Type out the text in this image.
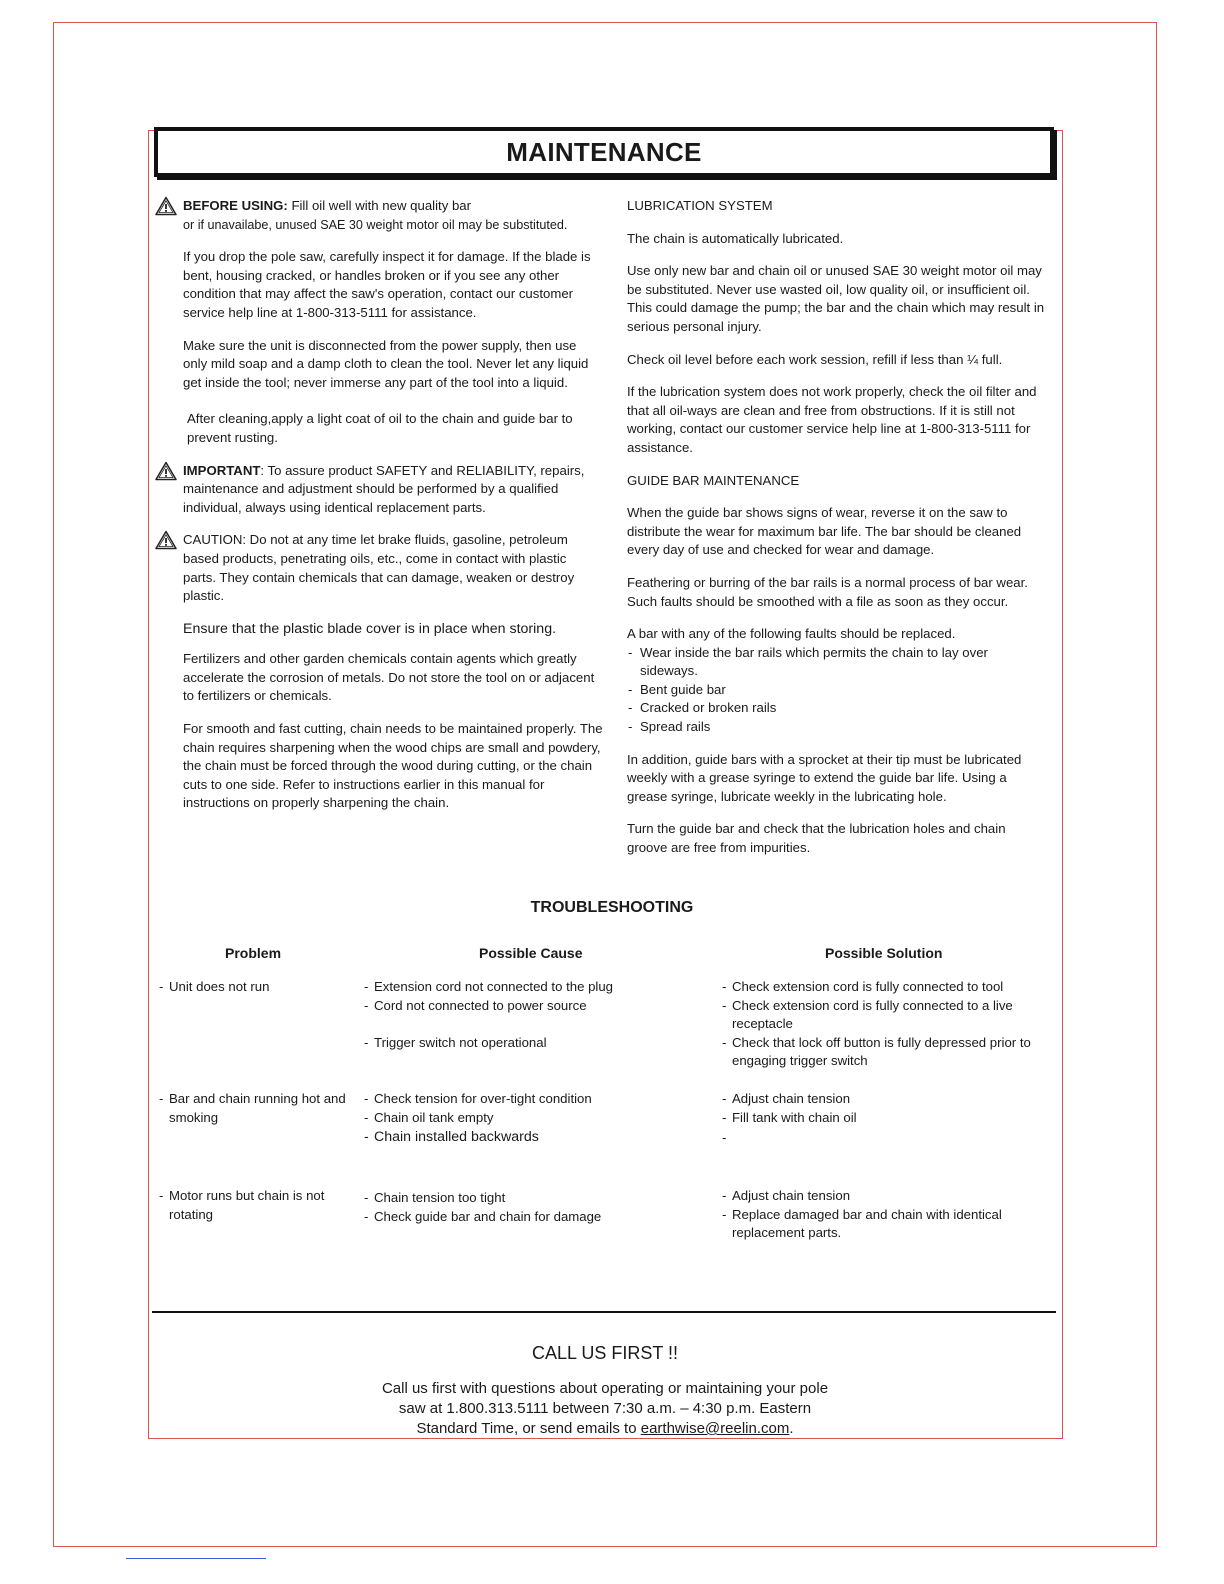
MAINTENANCE
BEFORE USING: Fill oil well with new quality bar
or if unavailabe, unused SAE 30 weight motor oil may be substituted.
If you drop the pole saw, carefully inspect it for damage. If the blade is bent, housing cracked, or handles broken or if you see any other condition that may affect the saw's operation, contact our customer service help line at 1-800-313-5111 for assistance.
Make sure the unit is disconnected from the power supply, then use only mild soap and a damp cloth to clean the tool. Never let any liquid get inside the tool; never immerse any part of the tool into a liquid.
After cleaning,apply a light coat of oil to the chain and guide bar to prevent rusting.
IMPORTANT: To assure product SAFETY and RELIABILITY, repairs, maintenance and adjustment should be performed by a qualified individual, always using identical replacement parts.
CAUTION: Do not at any time let brake fluids, gasoline, petroleum based products, penetrating oils, etc., come in contact with plastic parts. They contain chemicals that can damage, weaken or destroy plastic.
Ensure that the plastic blade cover is in place when storing.
Fertilizers and other garden chemicals contain agents which greatly accelerate the corrosion of metals. Do not store the tool on or adjacent to fertilizers or chemicals.
For smooth and fast cutting, chain needs to be maintained properly. The chain requires sharpening when the wood chips are small and powdery, the chain must be forced through the wood during cutting, or the chain cuts to one side. Refer to instructions earlier in this manual for instructions on properly sharpening the chain.
LUBRICATION SYSTEM
The chain is automatically lubricated.
Use only new bar and chain oil or unused SAE 30 weight motor oil may be substituted. Never use wasted oil, low quality oil, or insufficient oil. This could damage the pump; the bar and the chain which may result in serious personal injury.
Check oil level before each work session, refill if less than ¼ full.
If the lubrication system does not work properly, check the oil filter and that all oil-ways are clean and free from obstructions. If it is still not working, contact our customer service help line at 1-800-313-5111 for assistance.
GUIDE BAR MAINTENANCE
When the guide bar shows signs of wear, reverse it on the saw to distribute the wear for maximum bar life. The bar should be cleaned every day of use and checked for wear and damage.
Feathering or burring of the bar rails is a normal process of bar wear. Such faults should be smoothed with a file as soon as they occur.
A bar with any of the following faults should be replaced.
- Wear inside the bar rails which permits the chain to lay over sideways.
- Bent guide bar
- Cracked or broken rails
- Spread rails
In addition, guide bars with a sprocket at their tip must be lubricated weekly with a grease syringe to extend the guide bar life. Using a grease syringe, lubricate weekly in the lubricating hole.
Turn the guide bar and check that the lubrication holes and chain groove are free from impurities.
TROUBLESHOOTING
Problem	Possible Cause	Possible Solution
- Unit does not run
-	Extension cord not connected to the plug
- Cord not connected to power source
- Trigger switch not operational
- Check extension cord is fully connected to tool
- Check extension cord is fully connected to a live receptacle
- Check that lock off button is fully depressed prior to engaging trigger switch
- Bar and chain running hot and smoking
- Check tension for over-tight condition
- Chain oil tank empty
- Chain installed backwards
- Adjust chain tension
- Fill tank with chain oil
-
- Motor runs but chain is not rotating
- Chain tension too tight
- Check guide bar and chain for damage
- Adjust chain tension
- Replace damaged bar and chain with identical replacement parts.
CALL US FIRST !!
Call us first with questions about operating or maintaining your pole saw at 1.800.313.5111 between 7:30 a.m. – 4:30 p.m. Eastern Standard Time, or send emails to earthwise@reelin.com.
